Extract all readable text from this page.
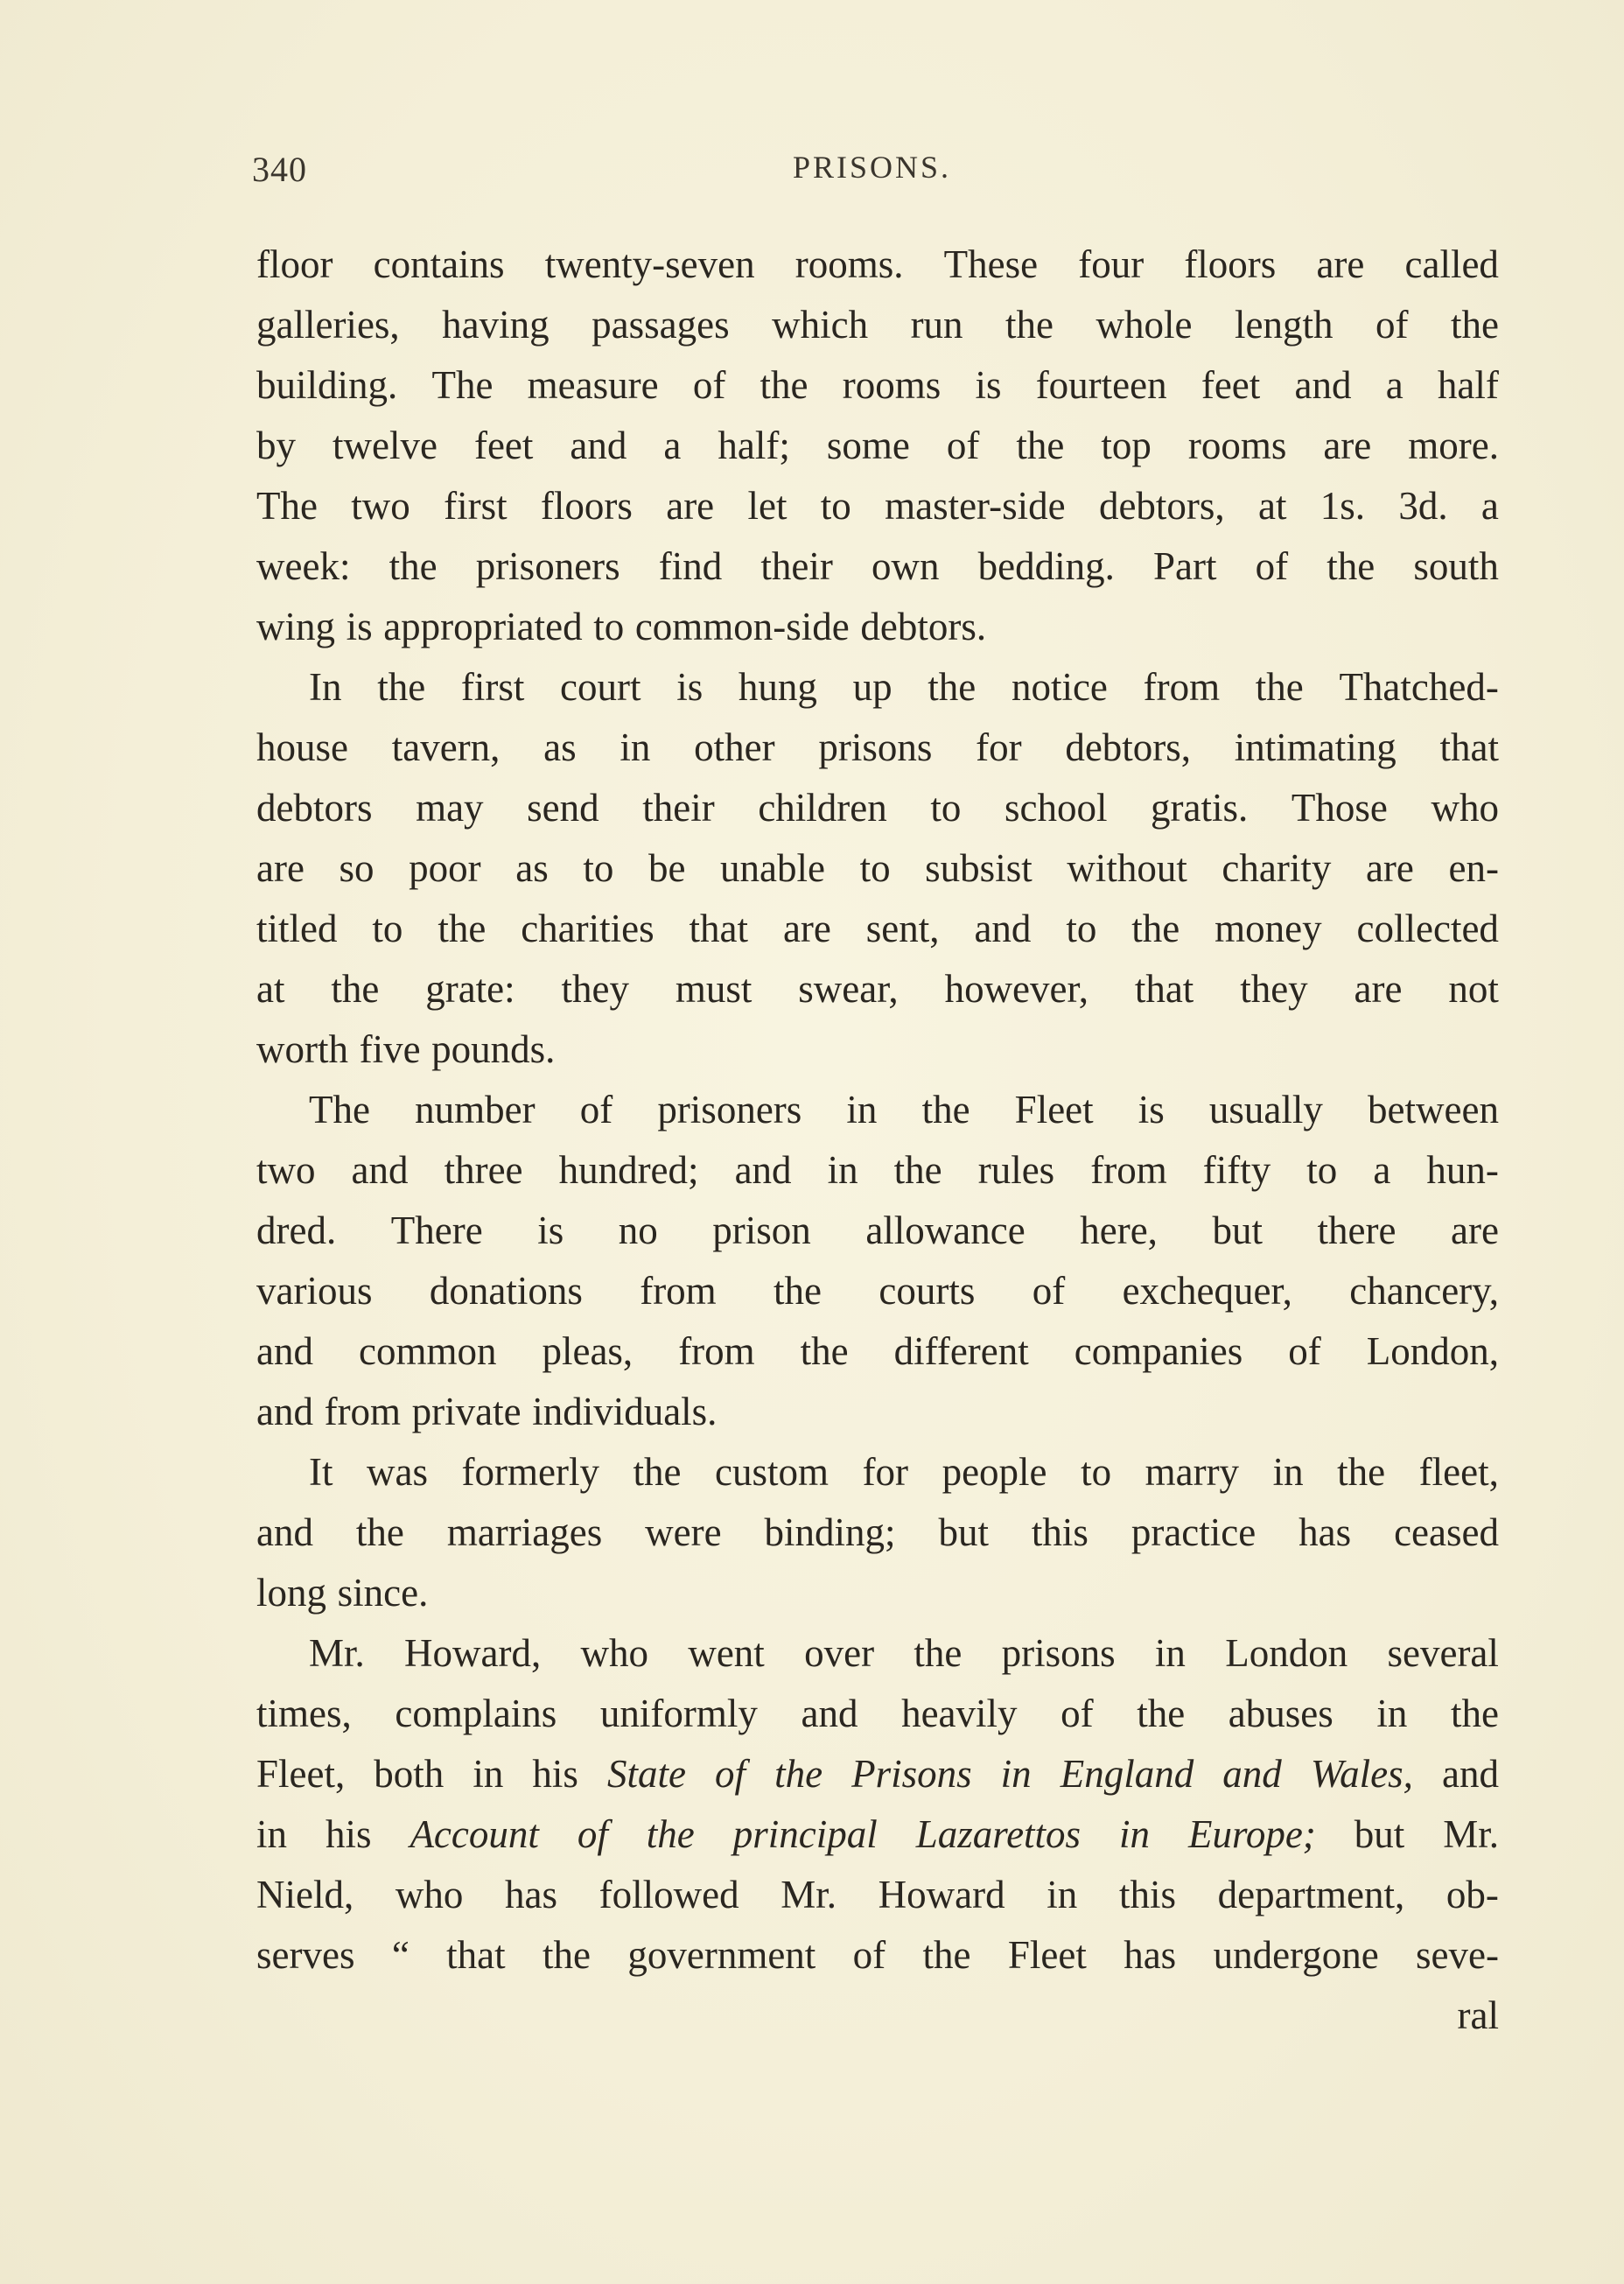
340	PRISONS.
floor contains twenty-seven rooms. These four floors are called
galleries, having passages which run the whole length of the
building. The measure of the rooms is fourteen feet and a half
by twelve feet and a half; some of the top rooms are more.
The two first floors are let to master-side debtors, at 1s. 3d. a
week: the prisoners find their own bedding. Part of the south
wing is appropriated to common-side debtors.
In the first court is hung up the notice from the Thatched-
house tavern, as in other prisons for debtors, intimating that
debtors may send their children to school gratis. Those who
are so poor as to be unable to subsist without charity are en-
titled to the charities that are sent, and to the money collected
at the grate: they must swear, however, that they are not
worth five pounds.
The number of prisoners in the Fleet is usually between
two and three hundred; and in the rules from fifty to a hun-
dred. There is no prison allowance here, but there are
various donations from the courts of exchequer, chancery,
and common pleas, from the different companies of London,
and from private individuals.
It was formerly the custom for people to marry in the fleet,
and the marriages were binding; but this practice has ceased
long since.
Mr. Howard, who went over the prisons in London several
times, complains uniformly and heavily of the abuses in the
Fleet, both in his State of the Prisons in England and Wales, and
in his Account of the principal Lazarettos in Europe; but Mr.
Nield, who has followed Mr. Howard in this department, ob-
serves “ that the government of the Fleet has undergone seve-
ral
